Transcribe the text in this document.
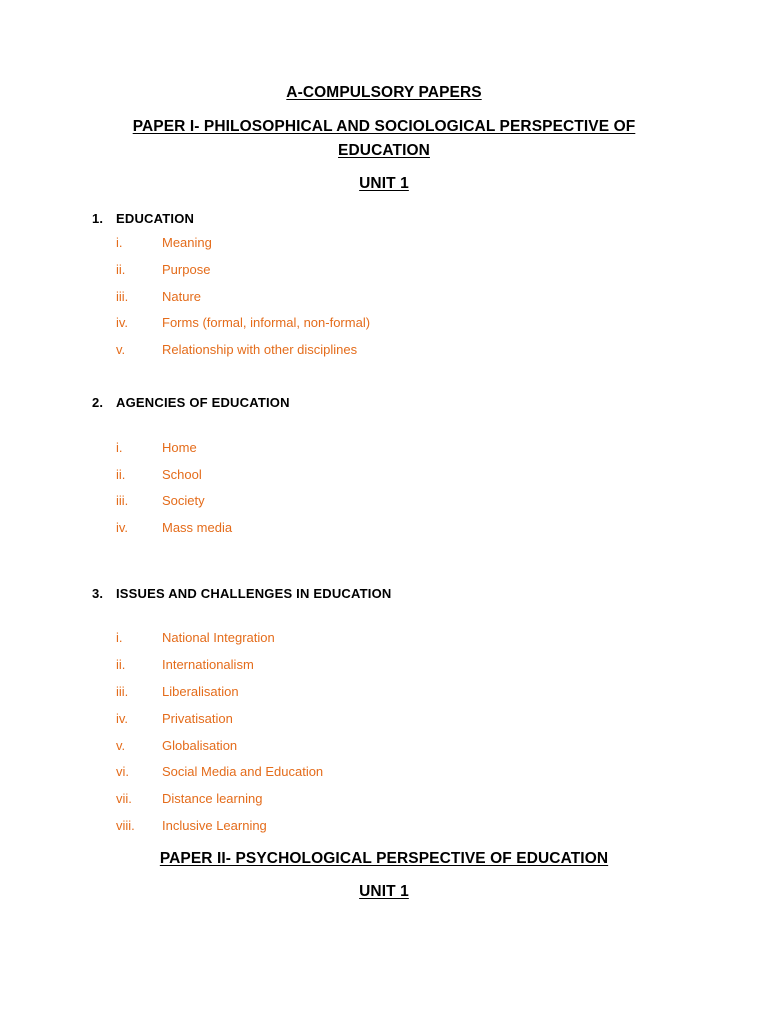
A-COMPULSORY PAPERS
PAPER I- PHILOSOPHICAL AND SOCIOLOGICAL PERSPECTIVE OF EDUCATION
UNIT 1
1. EDUCATION
i.	Meaning
ii.	Purpose
iii.	Nature
iv.	Forms (formal, informal, non-formal)
v.	Relationship with other disciplines
2. AGENCIES OF EDUCATION
i.	Home
ii.	School
iii.	Society
iv.	Mass media
3. ISSUES AND CHALLENGES IN EDUCATION
i.	National Integration
ii.	Internationalism
iii.	Liberalisation
iv.	Privatisation
v.	Globalisation
vi.	Social Media and Education
vii. Distance learning
viii. Inclusive Learning
PAPER II- PSYCHOLOGICAL PERSPECTIVE OF EDUCATION
UNIT 1
